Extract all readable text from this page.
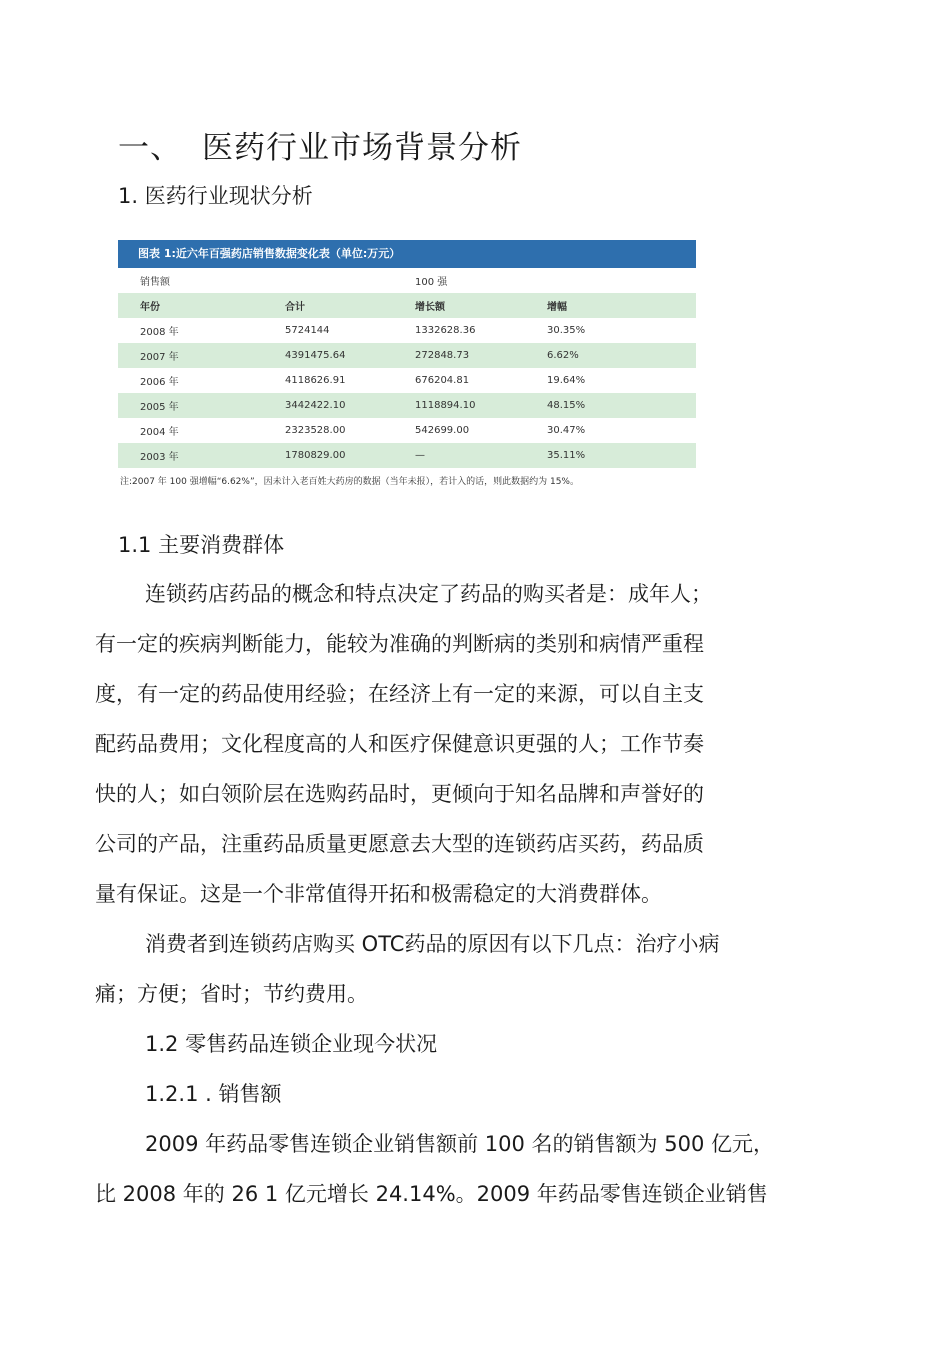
一、 医药行业市场背景分析
1. 医药行业现状分析
图表 1:近六年百强药店销售数据变化表（单位:万元）
销售额		100 强	
年份	合计	增长额	增幅
2008 年	5724144	1332628.36	30.35%
2007 年	4391475.64	272848.73	6.62%
2006 年	4118626.91	676204.81	19.64%
2005 年	3442422.10	1118894.10	48.15%
2004 年	2323528.00	542699.00	30.47%
2003 年	1780829.00	—	35.11%
注:2007 年 100 强增幅“6.62%”，因未计入老百姓大药房的数据（当年未报），若计入的话，则此数据约为 15%。
1.1 主要消费群体
连锁药店药品的概念和特点决定了药品的购买者是：成年人；
有一定的疾病判断能力，能较为准确的判断病的类别和病情严重程
度，有一定的药品使用经验；在经济上有一定的来源，可以自主支
配药品费用；文化程度高的人和医疗保健意识更强的人；工作节奏
快的人；如白领阶层在选购药品时，更倾向于知名品牌和声誉好的
公司的产品，注重药品质量更愿意去大型的连锁药店买药，药品质
量有保证。这是一个非常值得开拓和极需稳定的大消费群体。
消费者到连锁药店购买 OTC药品的原因有以下几点：治疗小病
痛；方便；省时；节约费用。
1.2 零售药品连锁企业现今状况
1.2.1 . 销售额
2009 年药品零售连锁企业销售额前 100 名的销售额为 500 亿元，
比 2008 年的 26 1 亿元增长 24.14%。2009 年药品零售连锁企业销售
